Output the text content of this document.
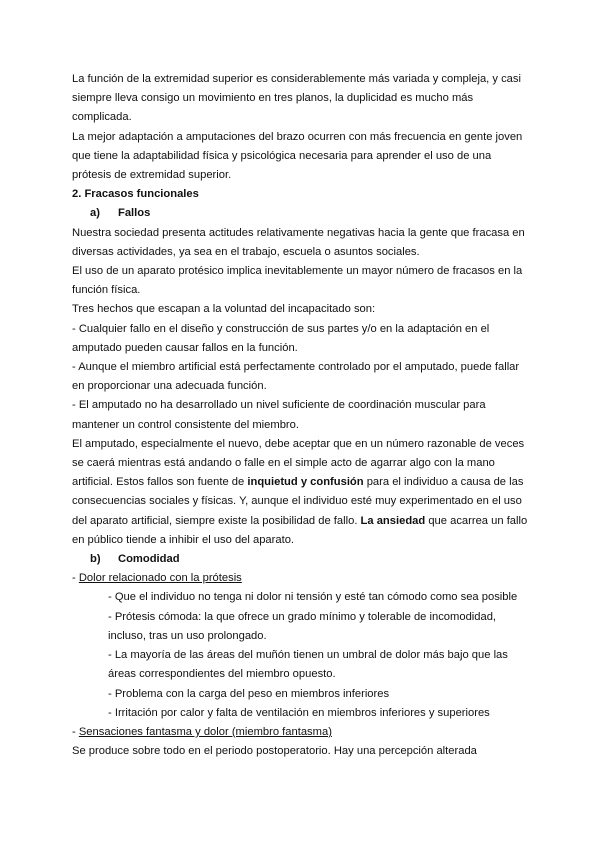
La función de la extremidad superior es considerablemente más variada y compleja, y casi siempre lleva consigo un movimiento en tres planos, la duplicidad es mucho más complicada.

La mejor adaptación a amputaciones del brazo ocurren con más frecuencia en gente joven que tiene la adaptabilidad física y psicológica necesaria para aprender el uso de una prótesis de extremidad superior.

2. Fracasos funcionales

a) Fallos

Nuestra sociedad presenta actitudes relativamente negativas hacia la gente que fracasa en diversas actividades, ya sea en el trabajo, escuela o asuntos sociales.

El uso de un aparato protésico implica inevitablemente un mayor número de fracasos en la función física.

Tres hechos que escapan a la voluntad del incapacitado son:

- Cualquier fallo en el diseño y construcción de sus partes y/o en la adaptación en el amputado pueden causar fallos en la función.

- Aunque el miembro artificial está perfectamente controlado por el amputado, puede fallar en proporcionar una adecuada función.

- El amputado no ha desarrollado un nivel suficiente de coordinación muscular para mantener un control consistente del miembro.

El amputado, especialmente el nuevo, debe aceptar que en un número razonable de veces se caerá mientras está andando o falle en el simple acto de agarrar algo con la mano artificial. Estos fallos son fuente de inquietud y confusión para el individuo a causa de las consecuencias sociales y físicas. Y, aunque el individuo esté muy experimentado en el uso del aparato artificial, siempre existe la posibilidad de fallo. La ansiedad que acarrea un fallo en público tiende a inhibir el uso del aparato.

b) Comodidad

- Dolor relacionado con la prótesis

- Que el individuo no tenga ni dolor ni tensión y esté tan cómodo como sea posible

- Prótesis cómoda: la que ofrece un grado mínimo y tolerable de incomodidad, incluso, tras un uso prolongado.

- La mayoría de las áreas del muñón tienen un umbral de dolor más bajo que las áreas correspondientes del miembro opuesto.

- Problema con la carga del peso en miembros inferiores

- Irritación por calor y falta de ventilación en miembros inferiores y superiores

- Sensaciones fantasma y dolor (miembro fantasma)

Se produce sobre todo en el periodo postoperatorio. Hay una percepción alterada
